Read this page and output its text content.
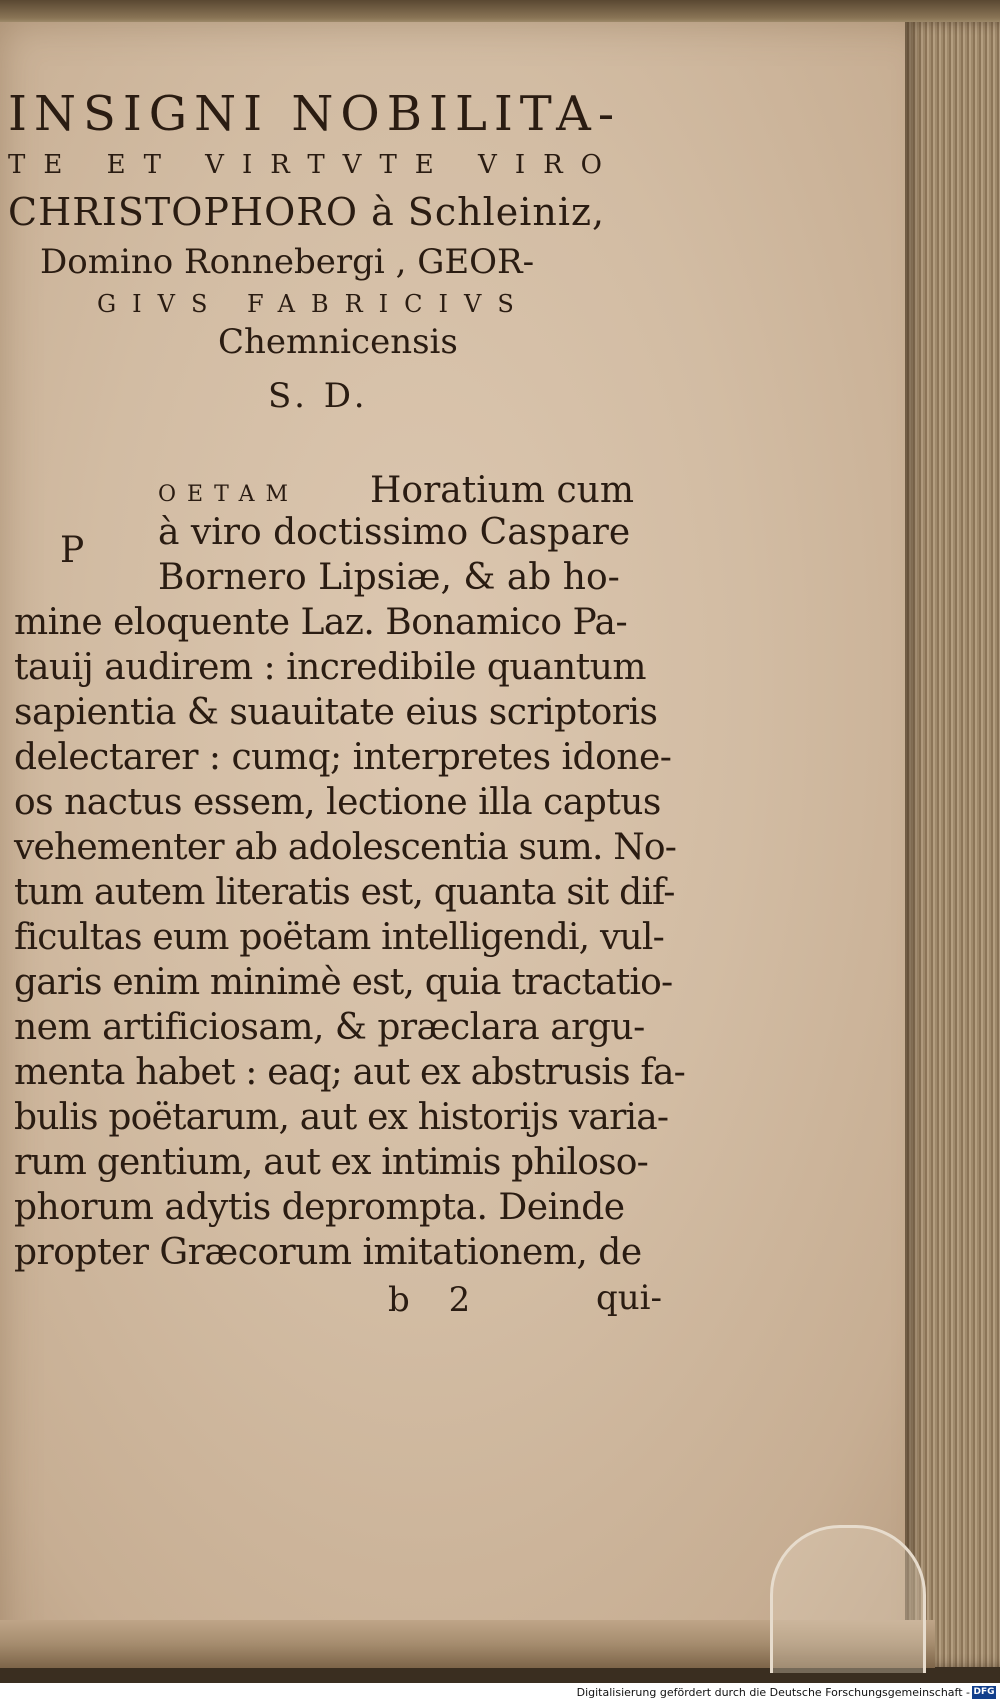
INSIGNI NOBILITA-
TE ET VIRTVTE VIRO
CHRISTOPHORO à Schleiniz,
Domino Ronnebergi , GEOR-
GIVS FABRICIVS
Chemnicensis
S. D.
P
OETAM Horatium cum
à viro doctissimo Caspare
Bornero Lipsiæ, & ab ho-
mine eloquente Laz. Bonamico Pa-
tauij audirem : incredibile quantum
sapientia & suauitate eius scriptoris
delectarer : cumq; interpretes idone-
os nactus essem, lectione illa captus
vehementer ab adolescentia sum. No-
tum autem literatis est, quanta sit dif-
ficultas eum poëtam intelligendi, vul-
garis enim minimè est, quia tractatio-
nem artificiosam, & præclara argu-
menta habet : eaq; aut ex abstrusis fa-
bulis poëtarum, aut ex historijs varia-
rum gentium, aut ex intimis philoso-
phorum adytis deprompta. Deinde
propter Græcorum imitationem, de
b 2	qui-
Digitalisierung gefördert durch die Deutsche Forschungsgemeinschaft - DFG
